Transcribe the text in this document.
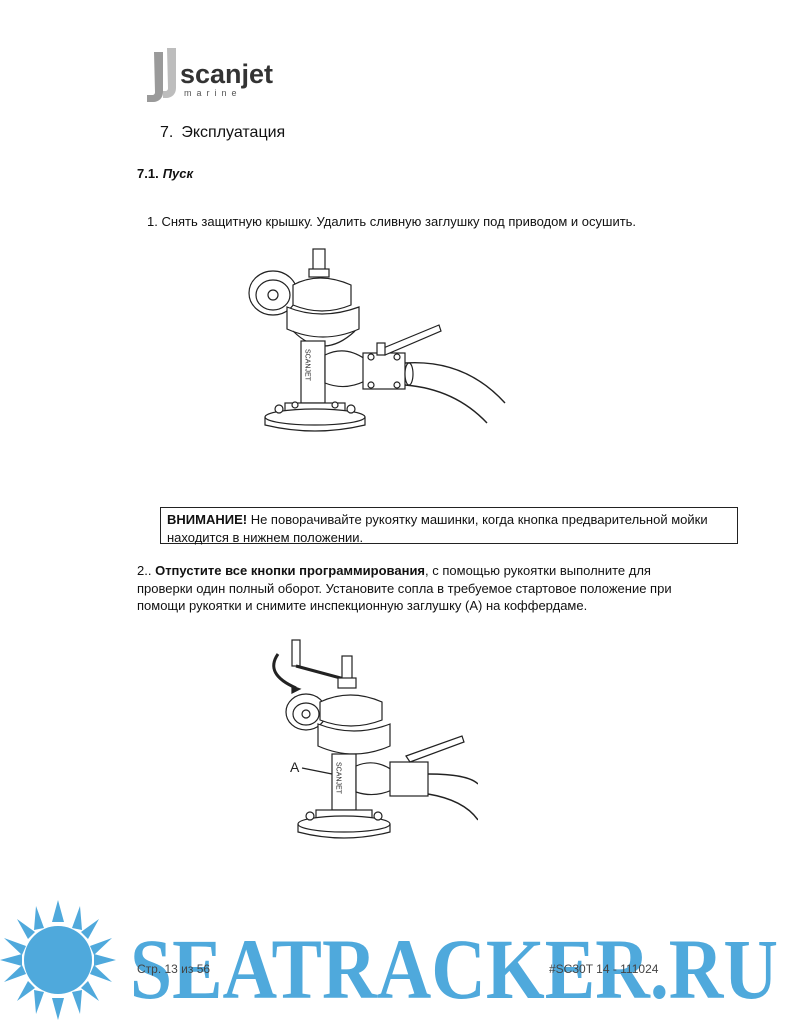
scanjet
marine
7. Эксплуатация
7.1. Пуск
1. Снять защитную крышку. Удалить сливную заглушку под приводом и осушить.
SCANJET
ВНИМАНИЕ! Не поворачивайте рукоятку машинки, когда кнопка предварительной мойки находится в нижнем положении.
2.. Отпустите все кнопки программирования, с помощью рукоятки выполните для проверки один полный оборот. Установите сопла в требуемое стартовое положение при помощи рукоятки и снимите инспекционную заглушку (А) на коффердаме.
SCANJET
A
SEATRACKER.RU
Стр. 13 из 56	#SC30T 14 - 111024
